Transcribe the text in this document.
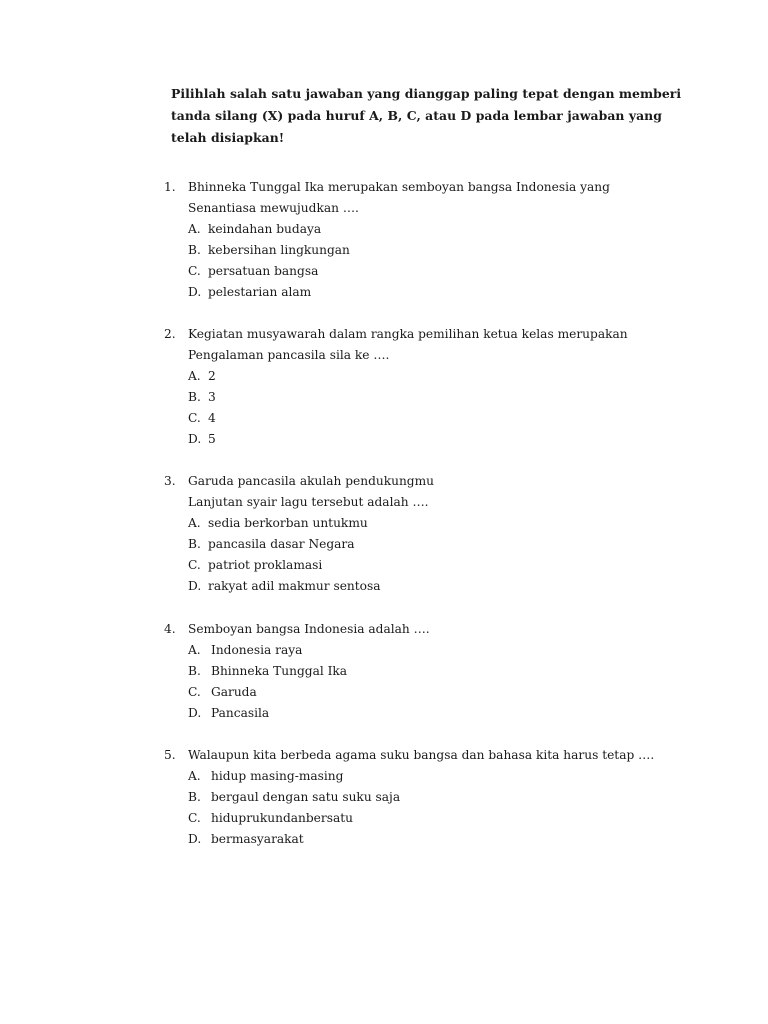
Pilihlah salah satu jawaban yang dianggap paling tepat dengan memberi
tanda silang (X) pada huruf A, B, C, atau D pada lembar jawaban yang
telah disiapkan!
1. Bhinneka Tunggal Ika merupakan semboyan bangsa Indonesia yang
Senantiasa mewujudkan ….
A. keindahan budaya
B. kebersihan lingkungan
C. persatuan bangsa
D. pelestarian alam
2. Kegiatan musyawarah dalam rangka pemilihan ketua kelas merupakan
Pengalaman pancasila sila ke ….
A. 2
B. 3
C. 4
D. 5
3. Garuda pancasila akulah pendukungmu
Lanjutan syair lagu tersebut adalah ….
A. sedia berkorban untukmu
B. pancasila dasar Negara
C. patriot proklamasi
D. rakyat adil makmur sentosa
4. Semboyan bangsa Indonesia adalah ….
A. Indonesia raya
B. Bhinneka Tunggal Ika
C. Garuda
D. Pancasila
5. Walaupun kita berbeda agama suku bangsa dan bahasa kita harus tetap ….
A. hidup masing-masing
B. bergaul dengan satu suku saja
C. hiduprukundanbersatu
D. bermasyarakat
